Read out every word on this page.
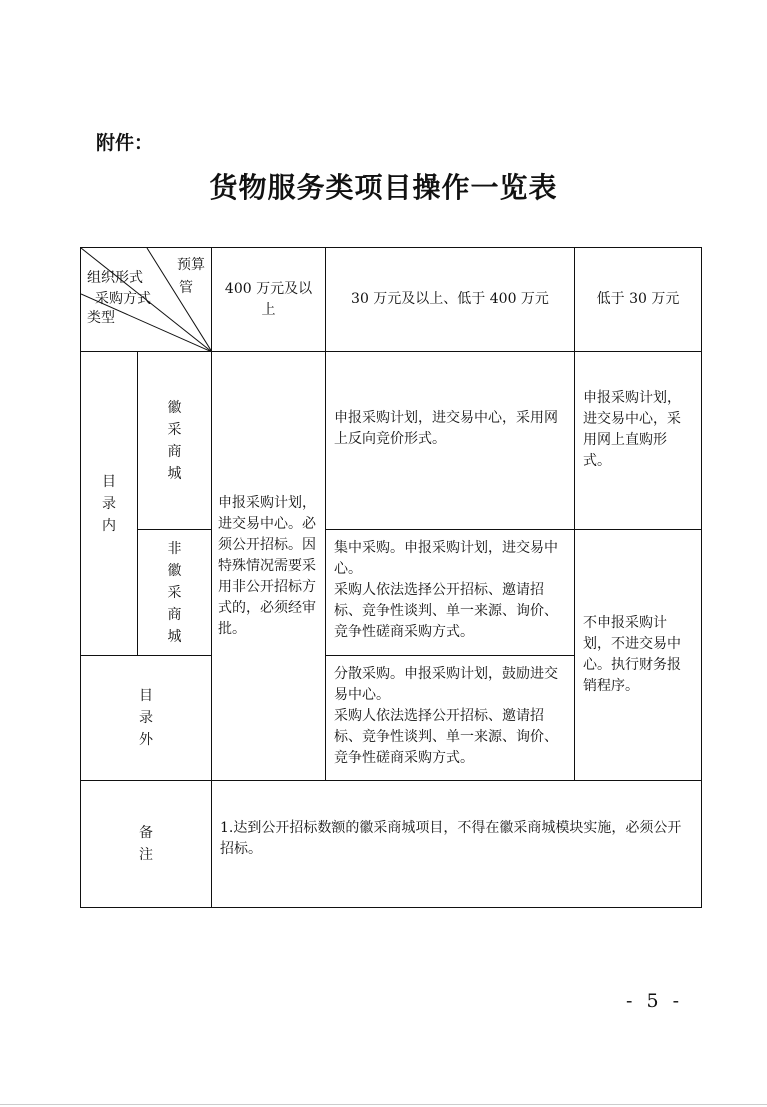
附件：
货物服务类项目操作一览表
预算
管
组织形式
采购方式
类型		400 万元及以上	30 万元及以上、低于 400 万元	低于 30 万元

目录内	徽采商城	申报采购计划，进交易中心。必须公开招标。因特殊情况需要采用非公开招标方式的，必须经审批。	申报采购计划，进交易中心，采用网上反向竞价形式。	申报采购计划，进交易中心，采用网上直购形式。

	非徽采商城		集中采购。申报采购计划，进交易中心。
采购人依法选择公开招标、邀请招标、竞争性谈判、单一来源、询价、竞争性磋商采购方式。	不申报采购计划，不进交易中心。执行财务报销程序。

目录外			分散采购。申报采购计划，鼓励进交易中心。
采购人依法选择公开招标、邀请招标、竞争性谈判、单一来源、询价、竞争性磋商采购方式。	

备注		1.达到公开招标数额的徽采商城项目，不得在徽采商城模块实施，必须公开招标。		
- 5 -
